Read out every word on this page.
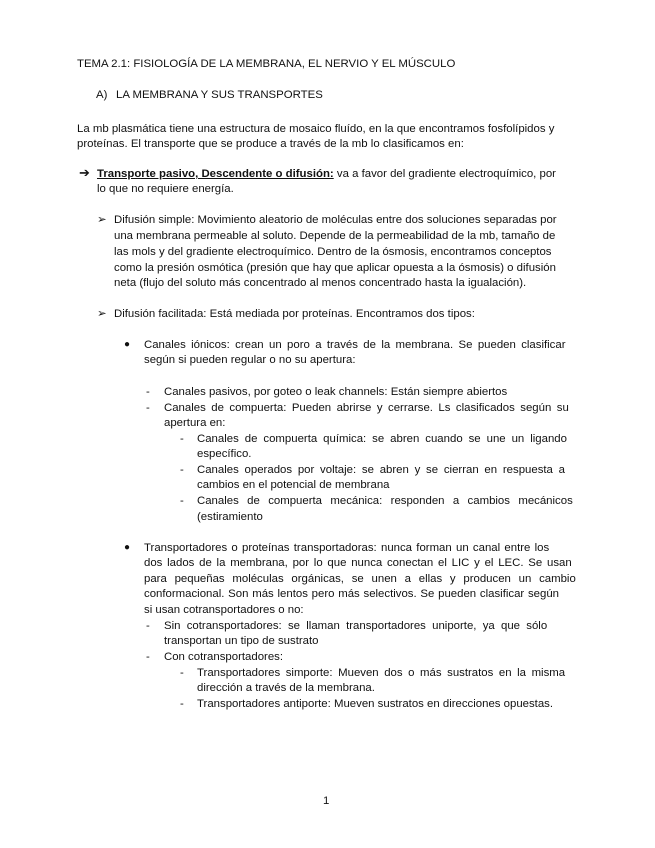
TEMA 2.1: FISIOLOGÍA DE LA MEMBRANA, EL NERVIO Y EL MÚSCULO
A) LA MEMBRANA Y SUS TRANSPORTES
La mb plasmática tiene una estructura de mosaico fluído, en la que encontramos fosfolípidos y
proteínas. El transporte que se produce a través de la mb lo clasificamos en:
➔ Transporte pasivo, Descendente o difusión: va a favor del gradiente electroquímico, por
lo que no requiere energía.
➢ Difusión simple: Movimiento aleatorio de moléculas entre dos soluciones separadas por
una membrana permeable al soluto. Depende de la permeabilidad de la mb, tamaño de
las mols y del gradiente electroquímico. Dentro de la ósmosis, encontramos conceptos
como la presión osmótica (presión que hay que aplicar opuesta a la ósmosis) o difusión
neta (flujo del soluto más concentrado al menos concentrado hasta la igualación).
➢ Difusión facilitada: Está mediada por proteínas. Encontramos dos tipos:
● Canales iónicos: crean un poro a través de la membrana. Se pueden clasificar
según si pueden regular o no su apertura:
- Canales pasivos, por goteo o leak channels: Están siempre abiertos
- Canales de compuerta: Pueden abrirse y cerrarse. Ls clasificados según su
apertura en:
- Canales de compuerta química: se abren cuando se une un ligando
específico.
- Canales operados por voltaje: se abren y se cierran en respuesta a
cambios en el potencial de membrana
- Canales de compuerta mecánica: responden a cambios mecánicos
(estiramiento
● Transportadores o proteínas transportadoras: nunca forman un canal entre los
dos lados de la membrana, por lo que nunca conectan el LIC y el LEC. Se usan
para pequeñas moléculas orgánicas, se unen a ellas y producen un cambio
conformacional. Son más lentos pero más selectivos. Se pueden clasificar según
si usan cotransportadores o no:
- Sin cotransportadores: se llaman transportadores uniporte, ya que sólo
transportan un tipo de sustrato
- Con cotransportadores:
- Transportadores simporte: Mueven dos o más sustratos en la misma
dirección a través de la membrana.
- Transportadores antiporte: Mueven sustratos en direcciones opuestas.
1
